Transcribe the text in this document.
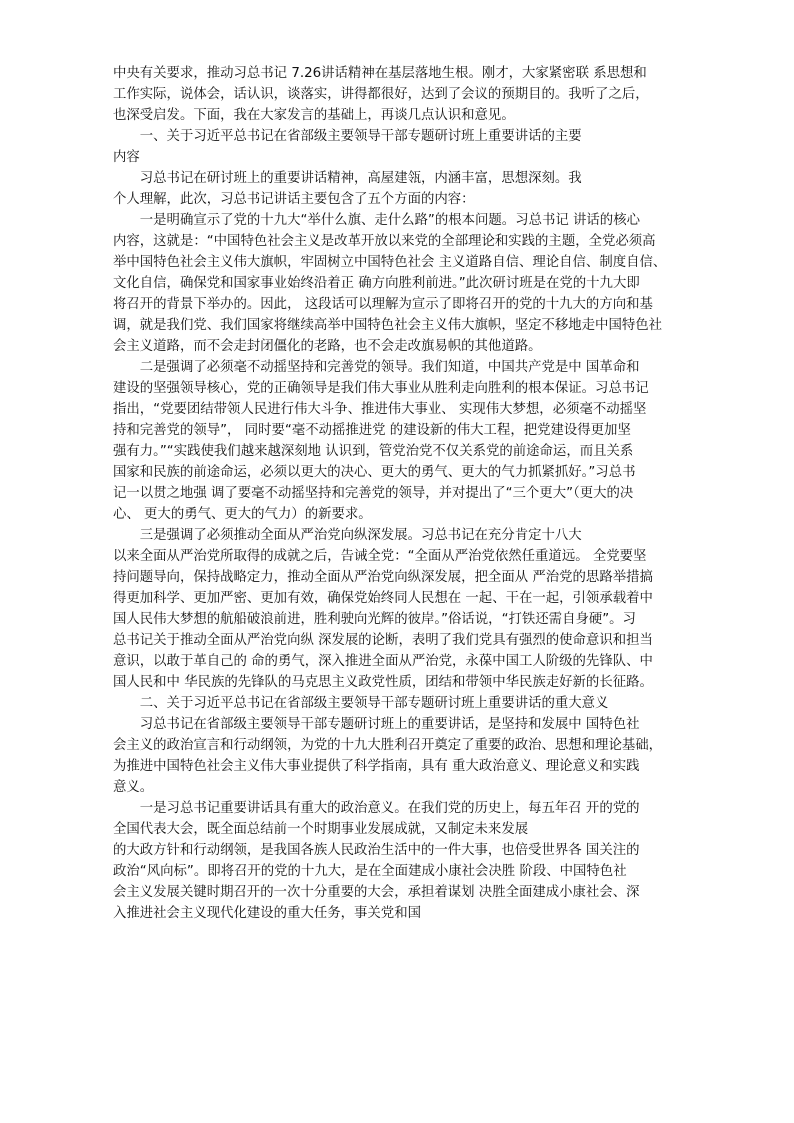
中央有关要求，推动习总书记 7.26讲话精神在基层落地生根。刚才，大家紧密联 系思想和
工作实际，说体会，话认识，谈落实，讲得都很好，达到了会议的预期目的。我听了之后，
也深受启发。下面，我在大家发言的基础上，再谈几点认识和意见。
　　一、关于习近平总书记在省部级主要领导干部专题研讨班上重要讲话的主要
内容
　　习总书记在研讨班上的重要讲话精神，高屋建瓴，内涵丰富，思想深刻。我
个人理解，此次，习总书记讲话主要包含了五个方面的内容：
　　一是明确宣示了党的十九大“举什么旗、走什么路”的根本问题。习总书记 讲话的核心
内容，这就是：“中国特色社会主义是改革开放以来党的全部理论和实践的主题，全党必须高
举中国特色社会主义伟大旗帜，牢固树立中国特色社会 主义道路自信、理论自信、制度自信、
文化自信，确保党和国家事业始终沿着正 确方向胜利前进。”此次研讨班是在党的十九大即
将召开的背景下举办的。因此， 这段话可以理解为宣示了即将召开的党的十九大的方向和基
调，就是我们党、我们国家将继续高举中国特色社会主义伟大旗帜，坚定不移地走中国特色社
会主义道路，而不会走封闭僵化的老路，也不会走改旗易帜的其他道路。
　　二是强调了必须毫不动摇坚持和完善党的领导。我们知道，中国共产党是中 国革命和
建设的坚强领导核心，党的正确领导是我们伟大事业从胜利走向胜利的根本保证。习总书记
指出，“党要团结带领人民进行伟大斗争、推进伟大事业、 实现伟大梦想，必须毫不动摇坚
持和完善党的领导”， 同时要“毫不动摇推进党 的建设新的伟大工程，把党建设得更加坚
强有力。”“实践使我们越来越深刻地 认识到，管党治党不仅关系党的前途命运，而且关系
国家和民族的前途命运，必须以更大的决心、更大的勇气、更大的气力抓紧抓好。”习总书
记一以贯之地强 调了要毫不动摇坚持和完善党的领导，并对提出了“三个更大”（更大的决
心、 更大的勇气、更大的气力）的新要求。
　　三是强调了必须推动全面从严治党向纵深发展。习总书记在充分肯定十八大
以来全面从严治党所取得的成就之后，告诫全党：“全面从严治党依然任重道远。 全党要坚
持问题导向，保持战略定力，推动全面从严治党向纵深发展，把全面从 严治党的思路举措搞
得更加科学、更加严密、更加有效，确保党始终同人民想在 一起、干在一起，引领承载着中
国人民伟大梦想的航船破浪前进，胜利驶向光辉的彼岸。”俗话说，“打铁还需自身硬”。习
总书记关于推动全面从严治党向纵 深发展的论断，表明了我们党具有强烈的使命意识和担当
意识，以敢于革自己的 命的勇气，深入推进全面从严治党，永葆中国工人阶级的先锋队、中
国人民和中 华民族的先锋队的马克思主义政党性质，团结和带领中华民族走好新的长征路。
　　二、关于习近平总书记在省部级主要领导干部专题研讨班上重要讲话的重大意义
　　习总书记在省部级主要领导干部专题研讨班上的重要讲话，是坚持和发展中 国特色社
会主义的政治宣言和行动纲领，为党的十九大胜利召开奠定了重要的政治、思想和理论基础，
为推进中国特色社会主义伟大事业提供了科学指南，具有 重大政治意义、理论意义和实践
意义。
　　一是习总书记重要讲话具有重大的政治意义。在我们党的历史上，每五年召 开的党的
全国代表大会，既全面总结前一个时期事业发展成就，又制定未来发展
的大政方针和行动纲领，是我国各族人民政治生活中的一件大事，也倍受世界各 国关注的
政治“风向标”。即将召开的党的十九大，是在全面建成小康社会决胜 阶段、中国特色社
会主义发展关键时期召开的一次十分重要的大会，承担着谋划 决胜全面建成小康社会、深
入推进社会主义现代化建设的重大任务，事关党和国
